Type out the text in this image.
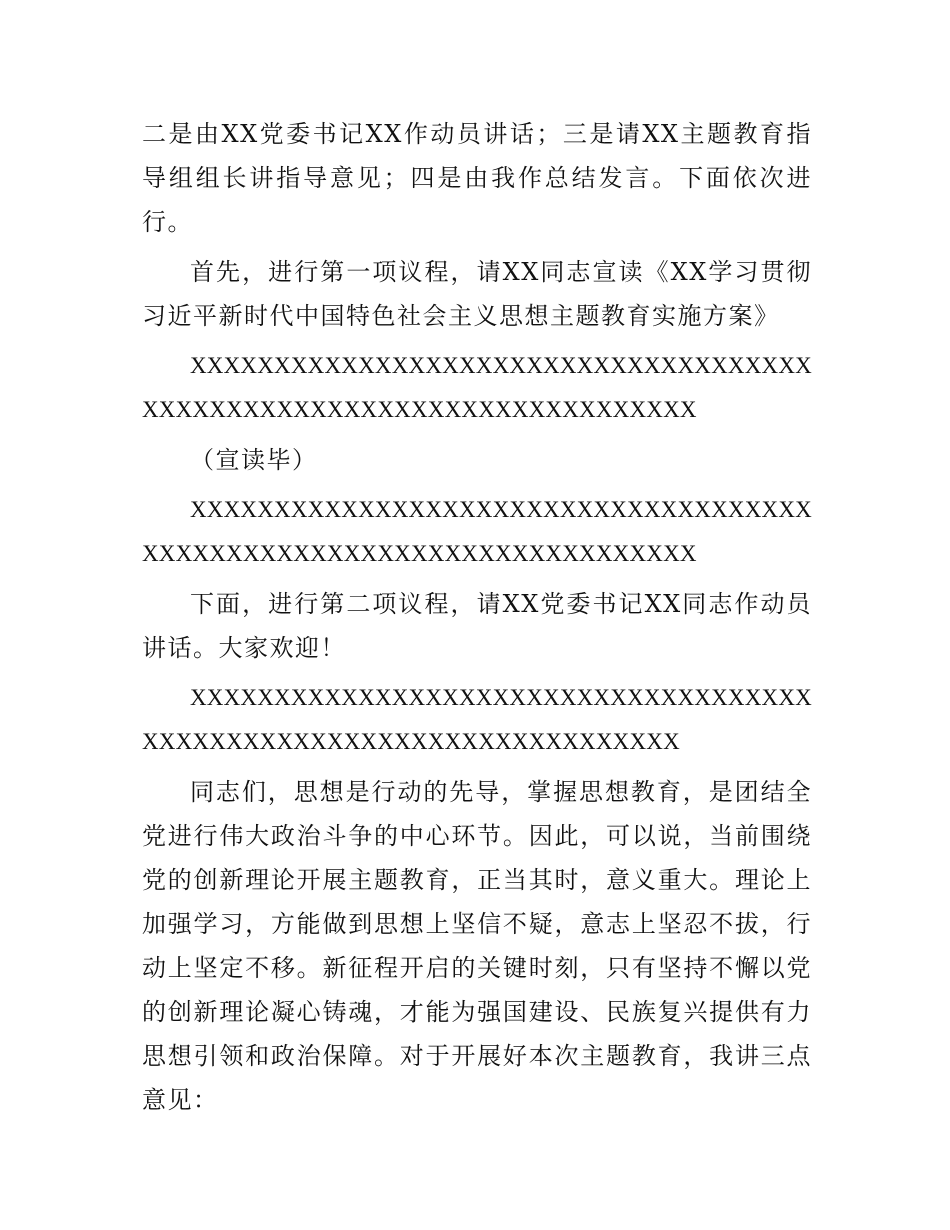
二是由XX党委书记XX作动员讲话；三是请XX主题教育指导组组长讲指导意见；四是由我作总结发言。下面依次进行。

首先，进行第一项议程，请XX同志宣读《XX学习贯彻习近平新时代中国特色社会主义思想主题教育实施方案》

XXXXXXXXXXXXXXXXXXXXXXXXXXXXXXXXXXXXXXXXXXXXXXXXXXXXXXXXXXXXXXXXXXXXXX

（宣读毕）

XXXXXXXXXXXXXXXXXXXXXXXXXXXXXXXXXXXXXXXXXXXXXXXXXXXXXXXXXXXXXXXXXXXXXX

下面，进行第二项议程，请XX党委书记XX同志作动员讲话。大家欢迎！

XXXXXXXXXXXXXXXXXXXXXXXXXXXXXXXXXXXXXXXXXXXXXXXXXXXXXXXXXXXXXXXXXXXXX

同志们，思想是行动的先导，掌握思想教育，是团结全党进行伟大政治斗争的中心环节。因此，可以说，当前围绕党的创新理论开展主题教育，正当其时，意义重大。理论上加强学习，方能做到思想上坚信不疑，意志上坚忍不拔，行动上坚定不移。新征程开启的关键时刻，只有坚持不懈以党的创新理论凝心铸魂，才能为强国建设、民族复兴提供有力思想引领和政治保障。对于开展好本次主题教育，我讲三点意见：
